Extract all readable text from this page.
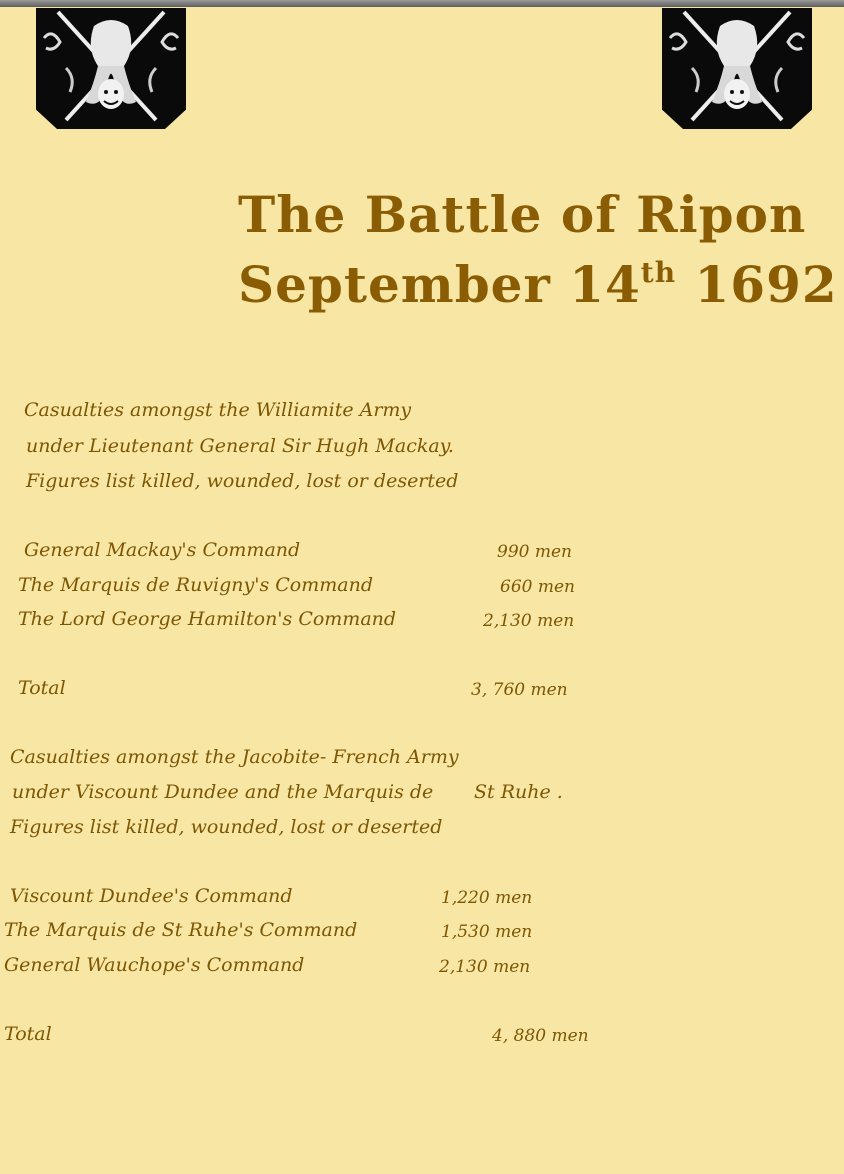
The Battle of Ripon
September 14th 1692

Casualties amongst the Williamite Army

under Lieutenant General Sir Hugh Mackay.

Figures list killed, wounded, lost or deserted

General Mackay's Command	990 men

The Marquis de Ruvigny's Command	660 men

The Lord George Hamilton's Command	2,130 men

Total	3, 760 men

Casualties amongst the Jacobite- French Army

under Viscount Dundee and the Marquis de St Ruhe .

Figures list killed, wounded, lost or deserted

Viscount Dundee's Command	1,220 men

The Marquis de St Ruhe's Command	1,530 men

General Wauchope's Command	2,130 men

Total	4, 880 men
